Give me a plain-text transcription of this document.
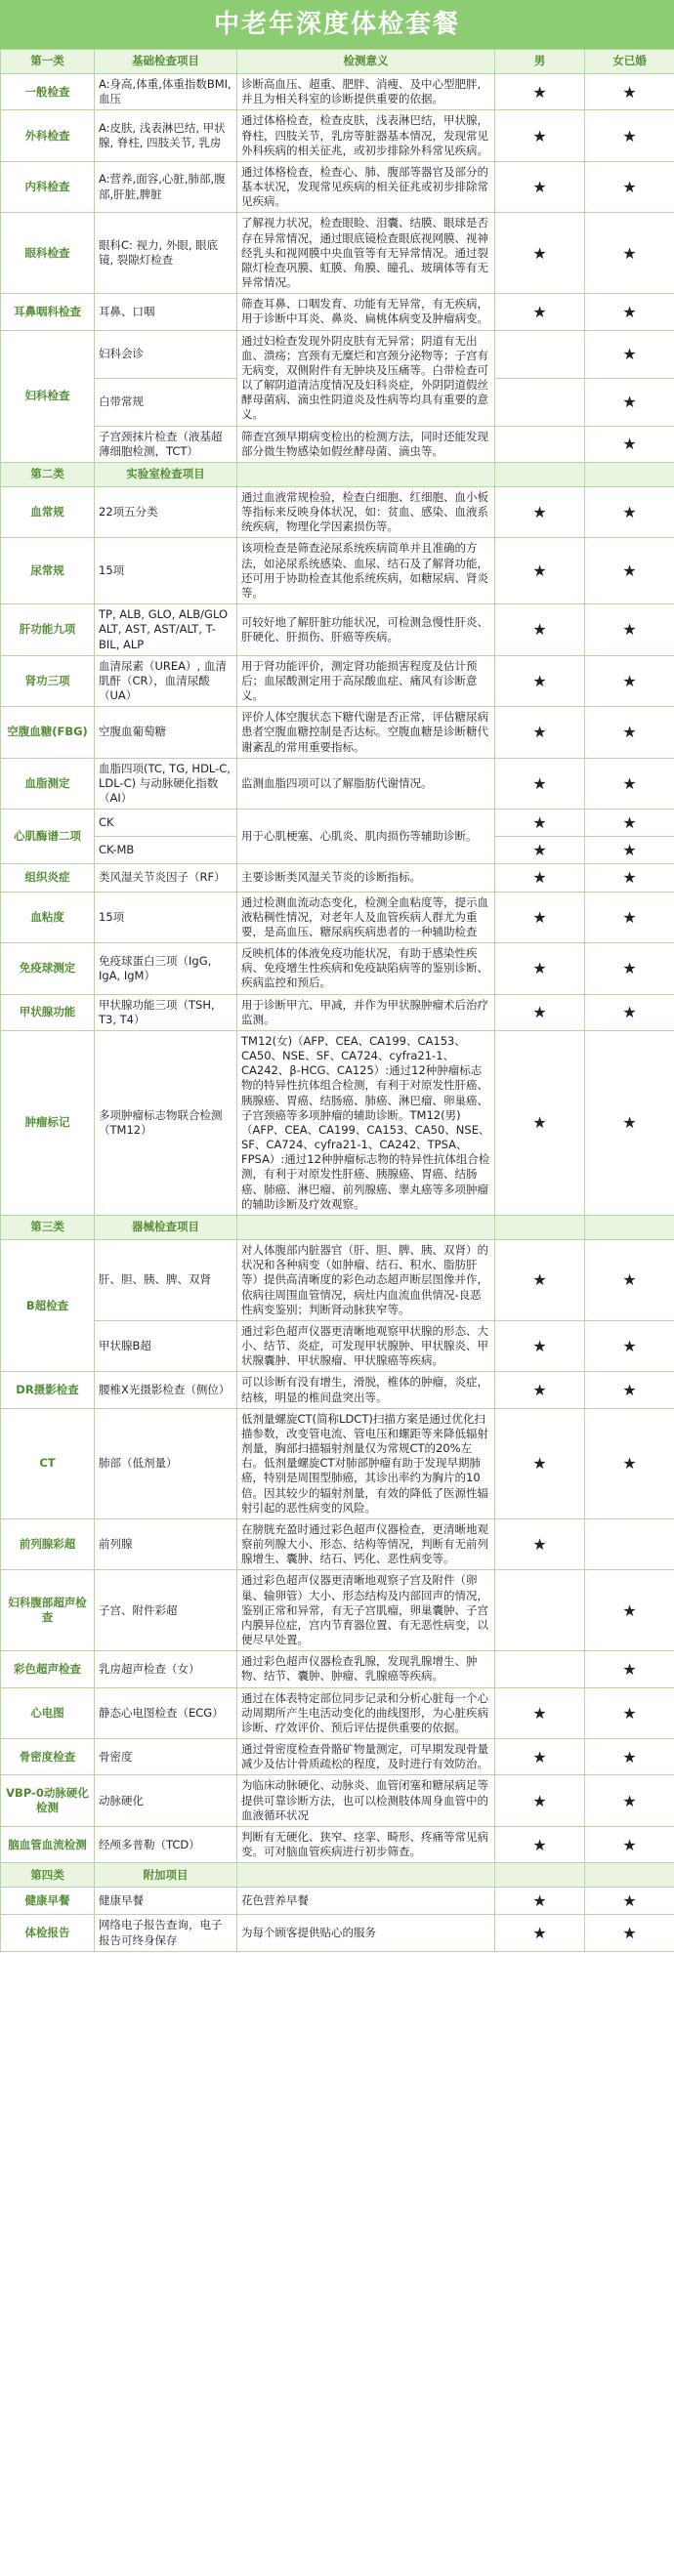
中老年深度体检套餐
第一类	基础检查项目	检测意义	男	女已婚
一般检查	A:身高,体重,体重指数BMI,血压	诊断高血压、超重、肥胖、消瘦、及中心型肥胖,并且为相关科室的诊断提供重要的依据。	★	★
外科检查	A:皮肤, 浅表淋巴结, 甲状腺, 脊柱, 四肢关节, 乳房	通过体格检查，检查皮肤，浅表淋巴结，甲状腺，脊柱，四肢关节，乳房等脏器基本情况，发现常见外科疾病的相关征兆，或初步排除外科常见疾病。	★	★
内科检查	A:营养,面容,心脏,肺部,腹部,肝脏,脾脏	通过体格检查，检查心、肺、腹部等器官及部分的基本状况，发现常见疾病的相关征兆或初步排除常见疾病。	★	★
眼科检查	眼科C: 视力, 外眼, 眼底镜, 裂隙灯检查	了解视力状况，检查眼睑、泪囊、结膜、眼球是否存在异常情况，通过眼底镜检查眼底视网膜、视神经乳头和视网膜中央血管等有无异常情况。通过裂隙灯检查巩膜、虹膜、角膜、瞳孔、玻璃体等有无异常情况。	★	★
耳鼻咽科检查	耳鼻、口咽	筛查耳鼻、口咽发育、功能有无异常，有无疾病，用于诊断中耳炎、鼻炎、扁桃体病变及肿瘤病变。	★	★
妇科检查	妇科会诊	通过妇检查发现外阴皮肤有无异常；阴道有无出血、溃疡；宫颈有无糜烂和宫颈分泌物等；子宫有无病变，双侧附件有无肿块及压痛等。白带检查可以了解阴道清洁度情况及妇科炎症，外阴阴道假丝酵母菌病、滴虫性阴道炎及性病等均具有重要的意义。		★
	白带常规			★
	子宫颈抹片检查（液基超薄细胞检测，TCT）	筛查宫颈早期病变检出的检测方法，同时还能发现部分微生物感染如假丝酵母菌、滴虫等。		★
第二类	实验室检查项目			
血常规	22项五分类	通过血液常规检验，检查白细胞、红细胞、血小板等指标来反映身体状况，如：贫血、感染、血液系统疾病，物理化学因素损伤等。	★	★
尿常规	15项	该项检查是筛查泌尿系统疾病简单并且准确的方法，如泌尿系统感染、血尿、结石及了解肾功能，还可用于协助检查其他系统疾病，如糖尿病、肾炎等。	★	★
肝功能九项	TP, ALB, GLO, ALB/GLO ALT, AST, AST/ALT, T-BIL, ALP	可较好地了解肝脏功能状况，可检测急慢性肝炎、肝硬化、肝损伤、肝癌等疾病。	★	★
肾功三项	血清尿素（UREA）, 血清肌酐（CR），血清尿酸（UA）	用于肾功能评价，测定肾功能损害程度及估计预后；血尿酸测定用于高尿酸血症、痛风有诊断意义。	★	★
空腹血糖(FBG)	空腹血葡萄糖	评价人体空腹状态下糖代谢是否正常，评估糖尿病患者空腹血糖控制是否达标。空腹血糖是诊断糖代谢紊乱的常用重要指标。	★	★
血脂测定	血脂四项(TC, TG, HDL-C, LDL-C) 与动脉硬化指数（AI）	监测血脂四项可以了解脂肪代谢情况。	★	★
心肌酶谱二项	CK	用于心肌梗塞、心肌炎、肌肉损伤等辅助诊断。	★	★
	CK-MB		★	★
组织炎症	类风湿关节炎因子（RF）	主要诊断类风湿关节炎的诊断指标。	★	★
血粘度	15项	通过检测血流动态变化，检测全血粘度等，提示血液粘稠性情况，对老年人及血管疾病人群尤为重要，是高血压、糖尿病疾病患者的一种辅助检查	★	★
免疫球测定	免疫球蛋白三项（IgG, IgA, IgM）	反映机体的体液免疫功能状况，有助于感染性疾病、免疫增生性疾病和免疫缺陷病等的鉴别诊断、疾病监控和预后。	★	★
甲状腺功能	甲状腺功能三项（TSH, T3, T4）	用于诊断甲亢、甲减，并作为甲状腺肿瘤术后治疗监测。	★	★
肿瘤标记	多项肿瘤标志物联合检测（TM12）	TM12(女)（AFP、CEA、CA199、CA153、CA50、NSE、SF、CA724、cyfra21-1、CA242、β-HCG、CA125）:通过12种肿瘤标志物的特异性抗体组合检测，有利于对原发性肝癌、胰腺癌、胃癌、结肠癌、肺癌、淋巴瘤、卵巢癌、子宫颈癌等多项肿瘤的辅助诊断。TM12(男)（AFP、CEA、CA199、CA153、CA50、NSE、SF、CA724、cyfra21-1、CA242、TPSA、FPSA）:通过12种肿瘤标志物的特异性抗体组合检测，有利于对原发性肝癌、胰腺癌、胃癌、结肠癌、肺癌、淋巴瘤、前列腺癌、睾丸癌等多项肿瘤的辅助诊断及疗效观察。	★	★
第三类	器械检查项目			
B超检查	肝、胆、胰、脾、双肾	对人体腹部内脏器官（肝、胆、脾、胰、双肾）的状况和各种病变（如肿瘤、结石、积水、脂肪肝等）提供高清晰度的彩色动态超声断层图像并作，依病往周围血管情况，病灶内血流血供情况-良恶性病变鉴别；判断肾动脉狭窄等。	★	★
	甲状腺B超	通过彩色超声仪器更清晰地观察甲状腺的形态、大小、结节、炎症，可发现甲状腺肿、甲状腺炎、甲状腺囊肿、甲状腺瘤、甲状腺癌等疾病。	★	★
DR摄影检查	腰椎X光摄影检查（侧位）	可以诊断有没有增生，滑脱，椎体的肿瘤，炎症，结核，明显的椎间盘突出等。	★	★
CT	肺部（低剂量）	低剂量螺旋CT(简称LDCT)扫描方案是通过优化扫描参数，改变管电流、管电压和螺距等来降低辐射剂量，胸部扫描辐射剂量仅为常规CT的20%左右。低剂量螺旋CT对肺部肿瘤有助于发现早期肺癌，特别是周围型肺癌，其诊出率约为胸片的10倍。因其较少的辐射剂量，有效的降低了医源性辐射引起的恶性病变的风险。	★	★
前列腺彩超	前列腺	在膀胱充盈时通过彩色超声仪器检查，更清晰地观察前列腺大小、形态、结构等情况，判断有无前列腺增生、囊肿、结石、钙化、恶性病变等。	★	
妇科腹部超声检查	子宫、附件彩超	通过彩色超声仪器更清晰地观察子宫及附件（卵巢、输卵管）大小、形态结构及内部回声的情况，鉴别正常和异常，有无子宫肌瘤，卵巢囊肿、子宫内膜异位症，宫内节育器位置、有无恶性病变，以便尽早处置。		★
彩色超声检查	乳房超声检查（女）	通过彩色超声仪器检查乳腺，发现乳腺增生、肿物、结节、囊肿、肿瘤、乳腺癌等疾病。		★
心电图	静态心电图检查（ECG）	通过在体表特定部位同步记录和分析心脏每一个心动周期所产生电活动变化的曲线图形，为心脏疾病诊断、疗效评价、预后评估提供重要的依据。	★	★
骨密度检查	骨密度	通过骨密度检查骨骼矿物量测定，可早期发现骨量减少及估计骨质疏松的程度，及时进行有效防治。	★	★
VBP-0动脉硬化检测	动脉硬化	为临床动脉硬化、动脉炎、血管闭塞和糖尿病足等提供可靠诊断方法，也可以检测肢体周身血管中的血液循环状况	★	★
脑血管血流检测	经颅多普勒（TCD）	判断有无硬化、狭窄、痉挛、畸形、疼痛等常见病变。可对脑血管疾病进行初步筛查。	★	★
第四类	附加项目			
健康早餐	健康早餐	花色营养早餐	★	★
体检报告	网络电子报告查询，电子报告可终身保存	为每个顾客提供贴心的服务	★	★
